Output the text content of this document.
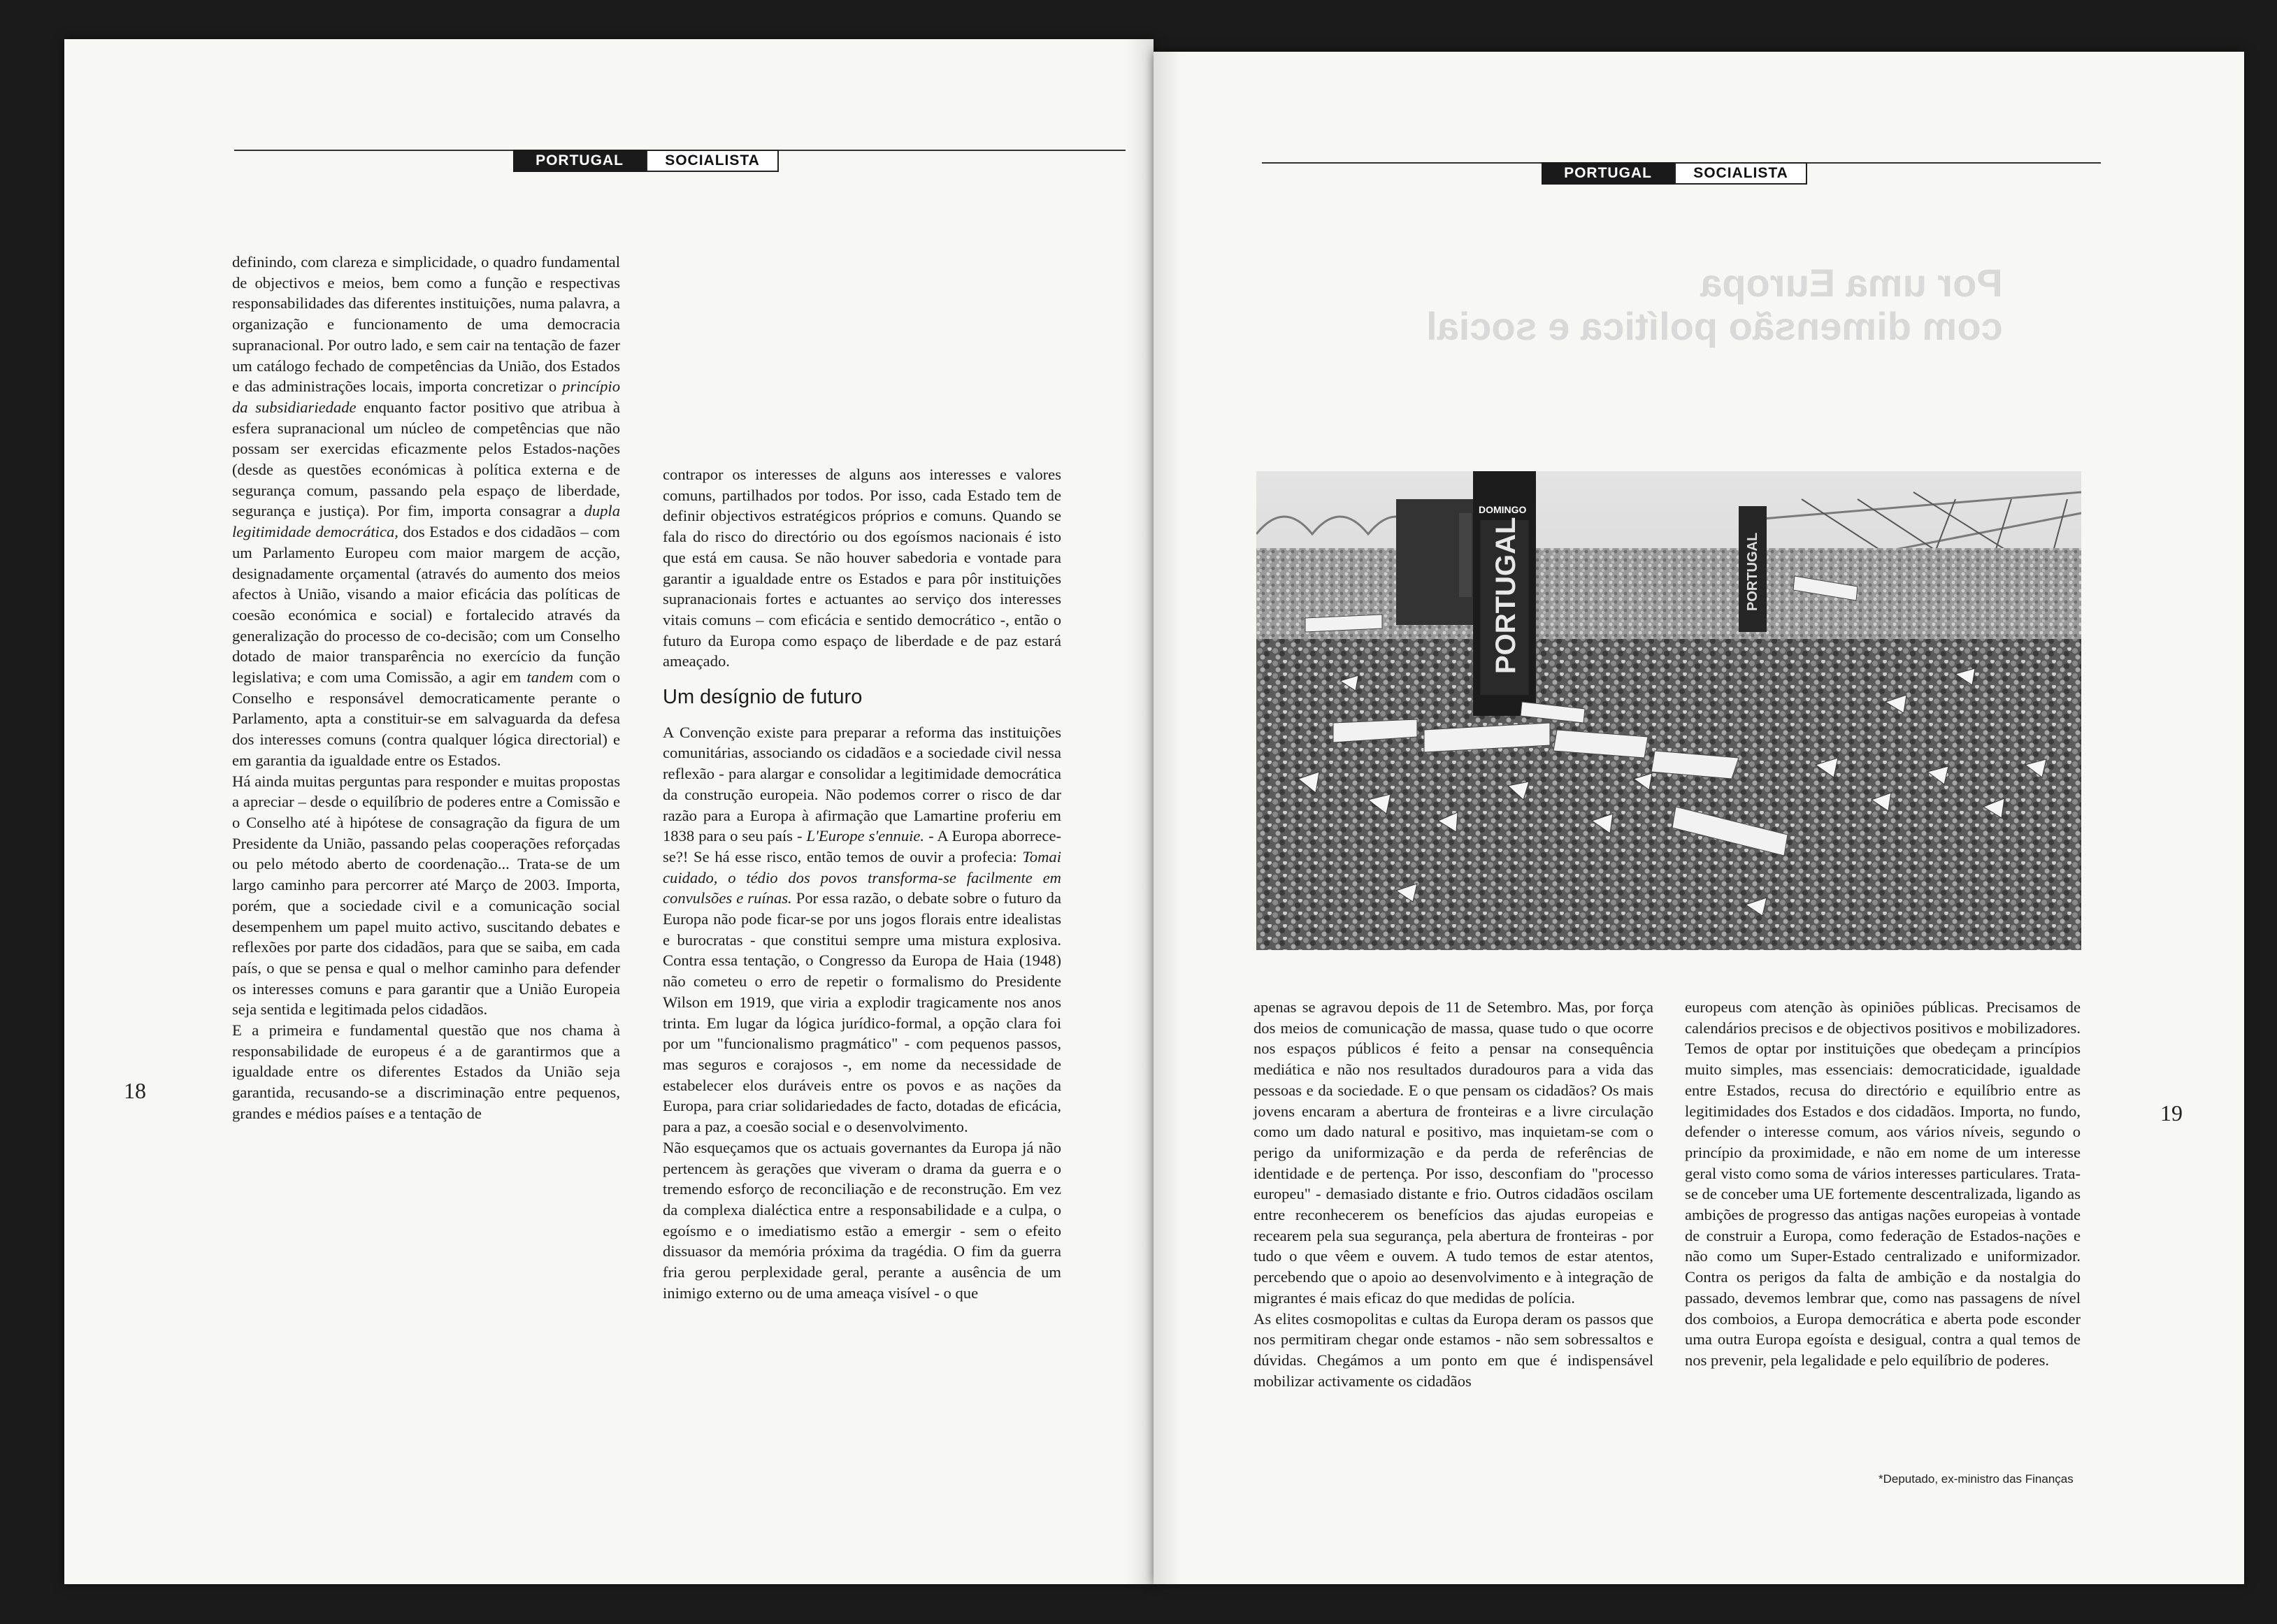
PORTUGAL	SOCIALISTA

definindo, com clareza e simplicidade, o quadro fundamental de objectivos e meios, bem como a função e respectivas responsabilidades das diferentes instituições, numa palavra, a organização e funcionamento de uma democracia supranacional. Por outro lado, e sem cair na tentação de fazer um catálogo fechado de competências da União, dos Estados e das administrações locais, importa concretizar o princípio da subsidiariedade enquanto factor positivo que atribua à esfera supranacional um núcleo de competências que não possam ser exercidas eficazmente pelos Estados-nações (desde as questões económicas à política externa e de segurança comum, passando pela espaço de liberdade, segurança e justiça). Por fim, importa consagrar a dupla legitimidade democrática, dos Estados e dos cidadãos – com um Parlamento Europeu com maior margem de acção, designadamente orçamental (através do aumento dos meios afectos à União, visando a maior eficácia das políticas de coesão económica e social) e fortalecido através da generalização do processo de co-decisão; com um Conselho dotado de maior transparência no exercício da função legislativa; e com uma Comissão, a agir em tandem com o Conselho e responsável democraticamente perante o Parlamento, apta a constituir-se em salvaguarda da defesa dos interesses comuns (contra qualquer lógica directorial) e em garantia da igualdade entre os Estados.

Há ainda muitas perguntas para responder e muitas propostas a apreciar – desde o equilíbrio de poderes entre a Comissão e o Conselho até à hipótese de consagração da figura de um Presidente da União, passando pelas cooperações reforçadas ou pelo método aberto de coordenação... Trata-se de um largo caminho para percorrer até Março de 2003. Importa, porém, que a sociedade civil e a comunicação social desempenhem um papel muito activo, suscitando debates e reflexões por parte dos cidadãos, para que se saiba, em cada país, o que se pensa e qual o melhor caminho para defender os interesses comuns e para garantir que a União Europeia seja sentida e legitimada pelos cidadãos.

E a primeira e fundamental questão que nos chama à responsabilidade de europeus é a de garantirmos que a igualdade entre os diferentes Estados da União seja garantida, recusando-se a discriminação entre pequenos, grandes e médios países e a tentação de

contrapor os interesses de alguns aos interesses e valores comuns, partilhados por todos. Por isso, cada Estado tem de definir objectivos estratégicos próprios e comuns. Quando se fala do risco do directório ou dos egoísmos nacionais é isto que está em causa. Se não houver sabedoria e vontade para garantir a igualdade entre os Estados e para pôr instituições supranacionais fortes e actuantes ao serviço dos interesses vitais comuns – com eficácia e sentido democrático -, então o futuro da Europa como espaço de liberdade e de paz estará ameaçado.

Um desígnio de futuro

A Convenção existe para preparar a reforma das instituições comunitárias, associando os cidadãos e a sociedade civil nessa reflexão - para alargar e consolidar a legitimidade democrática da construção europeia. Não podemos correr o risco de dar razão para a Europa à afirmação que Lamartine proferiu em 1838 para o seu país - L'Europe s'ennuie. - A Europa aborrece-se?! Se há esse risco, então temos de ouvir a profecia: Tomai cuidado, o tédio dos povos transforma-se facilmente em convulsões e ruínas. Por essa razão, o debate sobre o futuro da Europa não pode ficar-se por uns jogos florais entre idealistas e burocratas - que constitui sempre uma mistura explosiva. Contra essa tentação, o Congresso da Europa de Haia (1948) não cometeu o erro de repetir o formalismo do Presidente Wilson em 1919, que viria a explodir tragicamente nos anos trinta. Em lugar da lógica jurídico-formal, a opção clara foi por um "funcionalismo pragmático" - com pequenos passos, mas seguros e corajosos -, em nome da necessidade de estabelecer elos duráveis entre os povos e as nações da Europa, para criar solidariedades de facto, dotadas de eficácia, para a paz, a coesão social e o desenvolvimento.

Não esqueçamos que os actuais governantes da Europa já não pertencem às gerações que viveram o drama da guerra e o tremendo esforço de reconciliação e de reconstrução. Em vez da complexa dialéctica entre a responsabilidade e a culpa, o egoísmo e o imediatismo estão a emergir - sem o efeito dissuasor da memória próxima da tragédia. O fim da guerra fria gerou perplexidade geral, perante a ausência de um inimigo externo ou de uma ameaça visível - o que

18
PORTUGAL	SOCIALISTA
Por uma Europa
com dimensão política e social
PORTUGAL
DOMINGO
PORTUGAL

apenas se agravou depois de 11 de Setembro. Mas, por força dos meios de comunicação de massa, quase tudo o que ocorre nos espaços públicos é feito a pensar na consequência mediática e não nos resultados duradouros para a vida das pessoas e da sociedade. E o que pensam os cidadãos? Os mais jovens encaram a abertura de fronteiras e a livre circulação como um dado natural e positivo, mas inquietam-se com o perigo da uniformização e da perda de referências de identidade e de pertença. Por isso, desconfiam do "processo europeu" - demasiado distante e frio. Outros cidadãos oscilam entre reconhecerem os benefícios das ajudas europeias e recearem pela sua segurança, pela abertura de fronteiras - por tudo o que vêem e ouvem. A tudo temos de estar atentos, percebendo que o apoio ao desenvolvimento e à integração de migrantes é mais eficaz do que medidas de polícia.

As elites cosmopolitas e cultas da Europa deram os passos que nos permitiram chegar onde estamos - não sem sobressaltos e dúvidas. Chegámos a um ponto em que é indispensável mobilizar activamente os cidadãos

europeus com atenção às opiniões públicas. Precisamos de calendários precisos e de objectivos positivos e mobilizadores. Temos de optar por instituições que obedeçam a princípios muito simples, mas essenciais: democraticidade, igualdade entre Estados, recusa do directório e equilíbrio entre as legitimidades dos Estados e dos cidadãos. Importa, no fundo, defender o interesse comum, aos vários níveis, segundo o princípio da proximidade, e não em nome de um interesse geral visto como soma de vários interesses particulares. Trata-se de conceber uma UE fortemente descentralizada, ligando as ambições de progresso das antigas nações europeias à vontade de construir a Europa, como federação de Estados-nações e não como um Super-Estado centralizado e uniformizador. Contra os perigos da falta de ambição e da nostalgia do passado, devemos lembrar que, como nas passagens de nível dos comboios, a Europa democrática e aberta pode esconder uma outra Europa egoísta e desigual, contra a qual temos de nos prevenir, pela legalidade e pelo equilíbrio de poderes.

*Deputado, ex-ministro das Finanças
19
